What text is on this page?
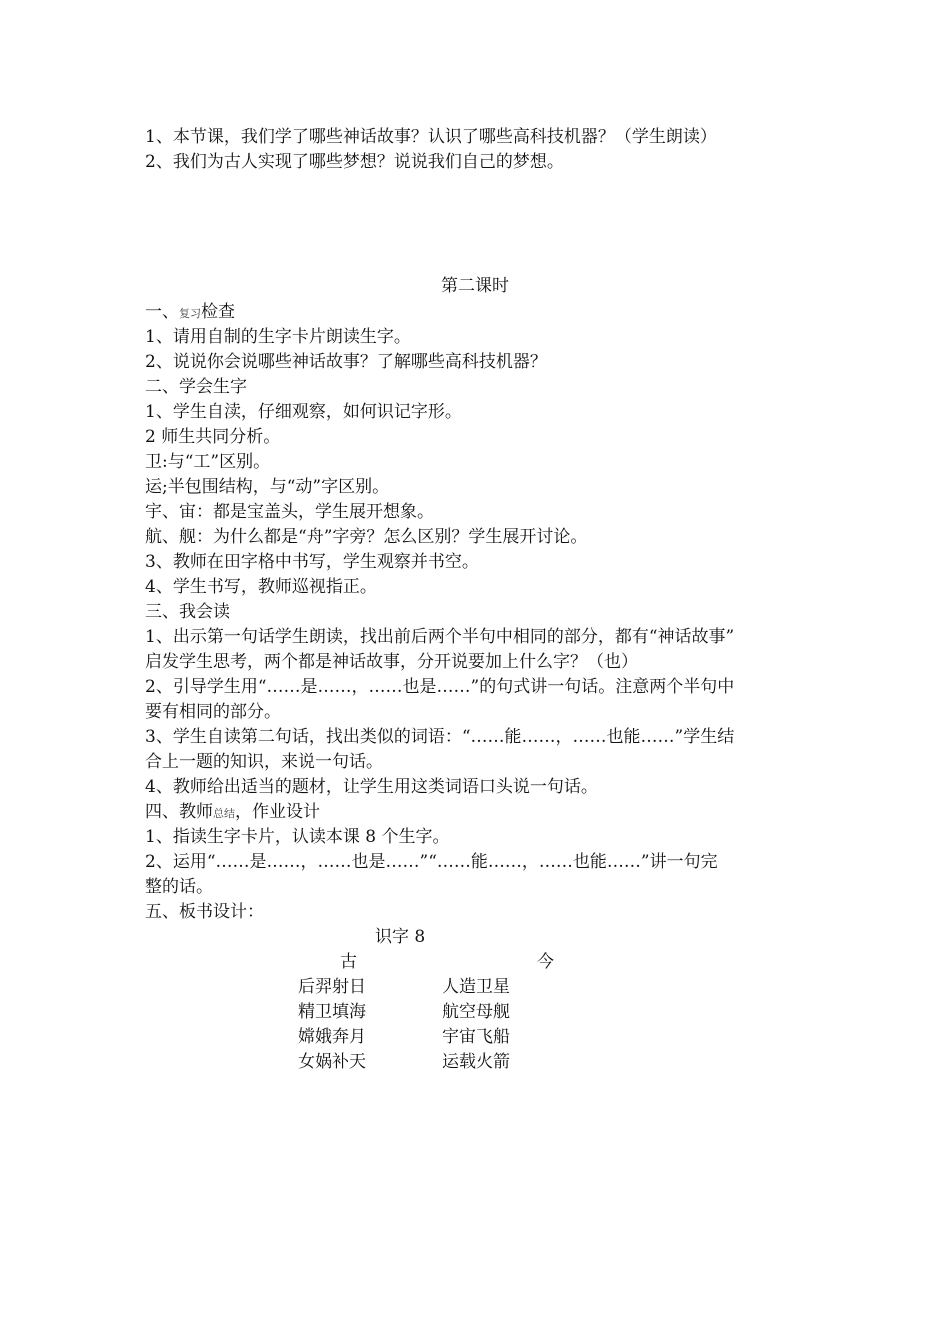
1、本节课，我们学了哪些神话故事？认识了哪些高科技机器？（学生朗读）
2、我们为古人实现了哪些梦想？说说我们自己的梦想。
第二课时
一、复习检查
1、请用自制的生字卡片朗读生字。
2、说说你会说哪些神话故事？了解哪些高科技机器？
二、学会生字
1、学生自渎，仔细观察，如何识记字形。
2 师生共同分析。
卫:与“工”区别。
运;半包围结构，与“动”字区别。
宇、宙：都是宝盖头，学生展开想象。
航、舰：为什么都是“舟”字旁？怎么区别？学生展开讨论。
3、教师在田字格中书写，学生观察并书空。
4、学生书写，教师巡视指正。
三、我会读
1、出示第一句话学生朗读，找出前后两个半句中相同的部分，都有“神话故事”
启发学生思考，两个都是神话故事，分开说要加上什么字？（也）
2、引导学生用“……是……，……也是……”的句式讲一句话。注意两个半句中
要有相同的部分。
3、学生自读第二句话，找出类似的词语：“……能……，……也能……”学生结
合上一题的知识，来说一句话。
4、教师给出适当的题材，让学生用这类词语口头说一句话。
四、教师总结，作业设计
1、指读生字卡片，认读本课 8 个生字。
2、运用“……是……，……也是……”“……能……，……也能……”讲一句完
整的话。
五、板书设计：
识字 8
古	今
后羿射日	人造卫星
精卫填海	航空母舰
嫦娥奔月	宇宙飞船
女娲补天	运载火箭
